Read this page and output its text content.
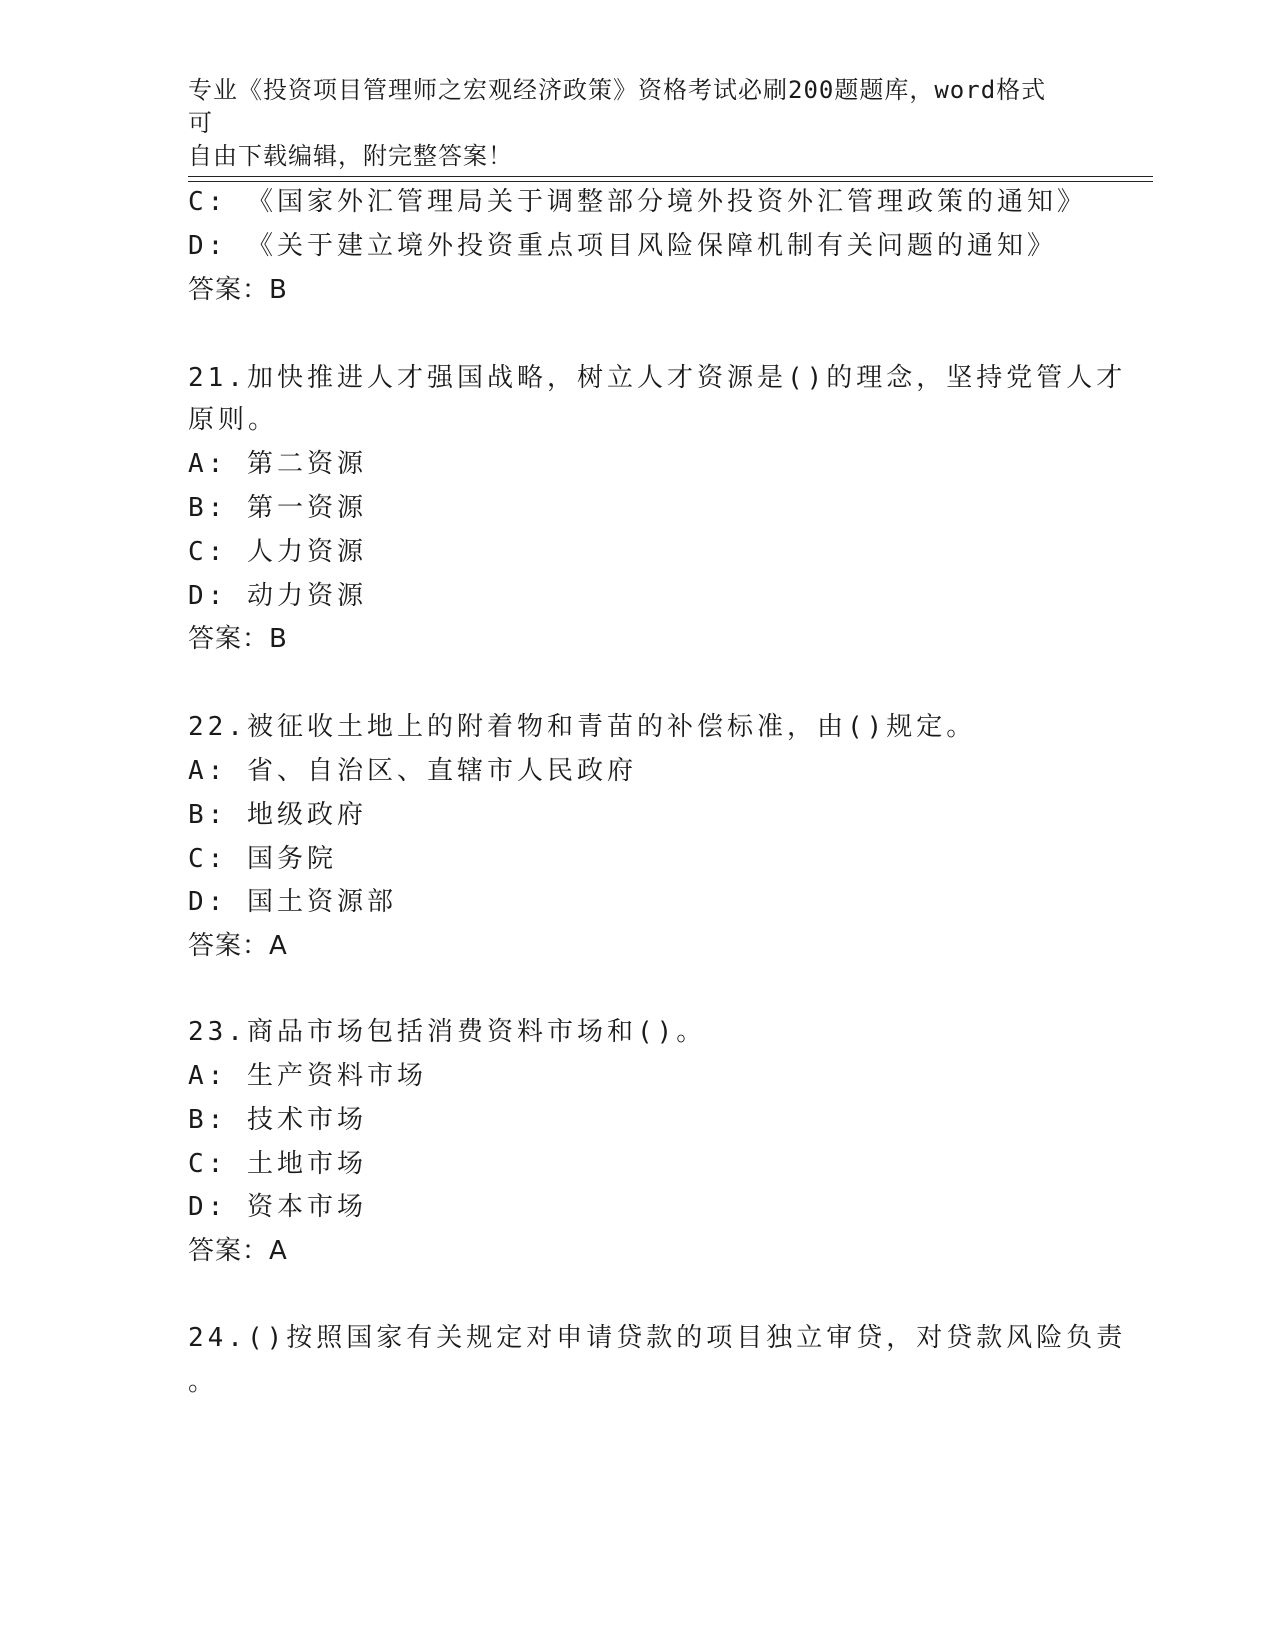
专业《投资项目管理师之宏观经济政策》资格考试必刷200题题库，word格式可
自由下载编辑，附完整答案！
C: 《国家外汇管理局关于调整部分境外投资外汇管理政策的通知》
D: 《关于建立境外投资重点项目风险保障机制有关问题的通知》
答案：B
21.加快推进人才强国战略，树立人才资源是()的理念，坚持党管人才
原则。
A: 第二资源
B: 第一资源
C: 人力资源
D: 动力资源
答案：B
22.被征收土地上的附着物和青苗的补偿标准，由()规定。
A: 省、自治区、直辖市人民政府
B: 地级政府
C: 国务院
D: 国土资源部
答案：A
23.商品市场包括消费资料市场和()。
A: 生产资料市场
B: 技术市场
C: 土地市场
D: 资本市场
答案：A
24.()按照国家有关规定对申请贷款的项目独立审贷，对贷款风险负责
。
